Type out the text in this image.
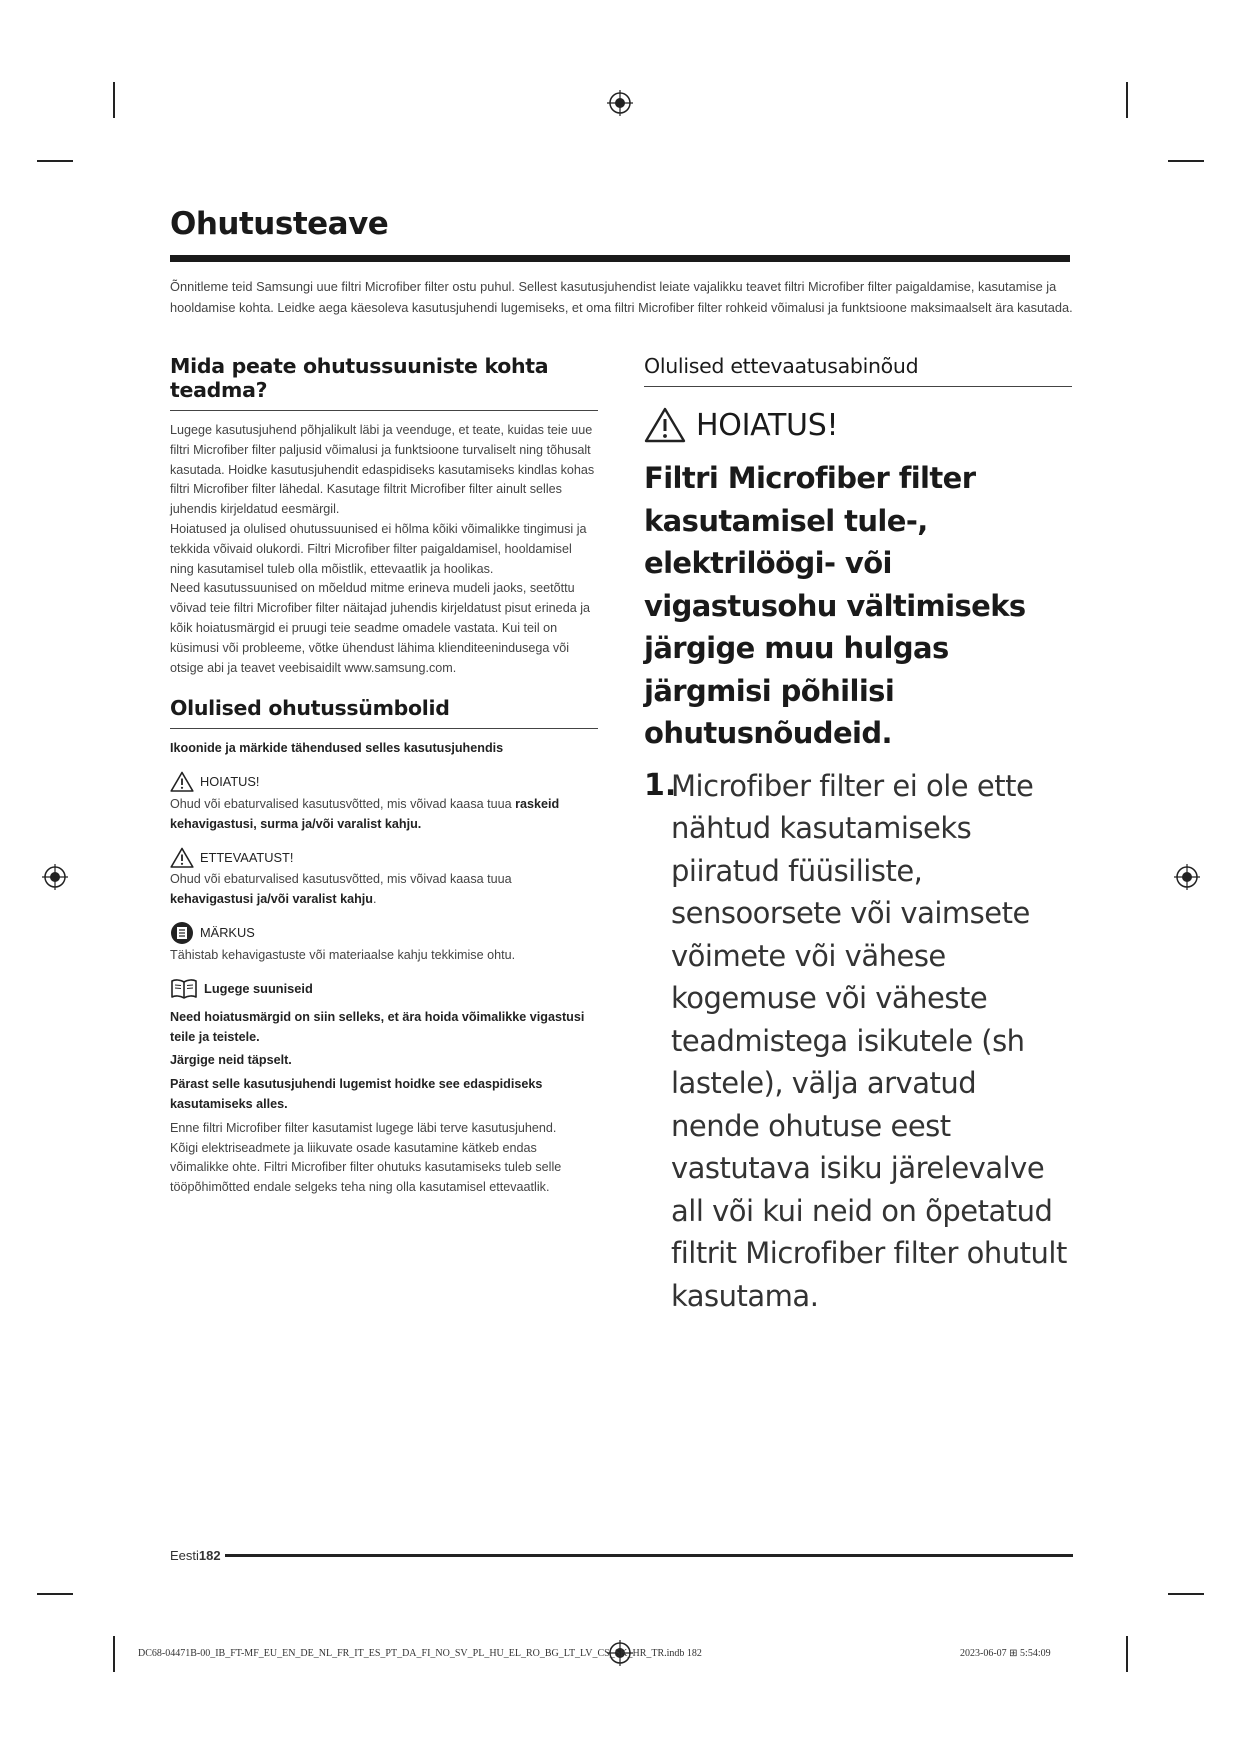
Ohutusteave

Õnnitleme teid Samsungi uue filtri Microfiber filter ostu puhul. Sellest kasutusjuhendist leiate vajalikku teavet filtri Microfiber filter paigaldamise, kasutamise ja hooldamise kohta. Leidke aega käesoleva kasutusjuhendi lugemiseks, et oma filtri Microfiber filter rohkeid võimalusi ja funktsioone maksimaalselt ära kasutada.

Mida peate ohutussuuniste kohta teadma?

Lugege kasutusjuhend põhjalikult läbi ja veenduge, et teate, kuidas teie uue filtri Microfiber filter paljusid võimalusi ja funktsioone turvaliselt ning tõhusalt kasutada. Hoidke kasutusjuhendit edaspidiseks kasutamiseks kindlas kohas filtri Microfiber filter lähedal. Kasutage filtrit Microfiber filter ainult selles juhendis kirjeldatud eesmärgil.

Hoiatused ja olulised ohutussuunised ei hõlma kõiki võimalikke tingimusi ja tekkida võivaid olukordi. Filtri Microfiber filter paigaldamisel, hooldamisel ning kasutamisel tuleb olla mõistlik, ettevaatlik ja hoolikas.

Need kasutussuunised on mõeldud mitme erineva mudeli jaoks, seetõttu võivad teie filtri Microfiber filter näitajad juhendis kirjeldatust pisut erineda ja kõik hoiatusmärgid ei pruugi teie seadme omadele vastata. Kui teil on küsimusi või probleeme, võtke ühendust lähima klienditeenindusega või otsige abi ja teavet veebisaidilt www.samsung.com.

Olulised ohutussümbolid

Ikoonide ja märkide tähendused selles kasutusjuhendis

HOIATUS!

Ohud või ebaturvalised kasutusvõtted, mis võivad kaasa tuua raskeid kehavigastusi, surma ja/või varalist kahju.

ETTEVAATUST!

Ohud või ebaturvalised kasutusvõtted, mis võivad kaasa tuua kehavigastusi ja/või varalist kahju.

MÄRKUS

Tähistab kehavigastuste või materiaalse kahju tekkimise ohtu.

Lugege suuniseid

Need hoiatusmärgid on siin selleks, et ära hoida võimalikke vigastusi teile ja teistele.

Järgige neid täpselt.

Pärast selle kasutusjuhendi lugemist hoidke see edaspidiseks kasutamiseks alles.

Enne filtri Microfiber filter kasutamist lugege läbi terve kasutusjuhend.

Kõigi elektriseadmete ja liikuvate osade kasutamine kätkeb endas võimalikke ohte. Filtri Microfiber filter ohutuks kasutamiseks tuleb selle tööpõhimõtted endale selgeks teha ning olla kasutamisel ettevaatlik.

Olulised ettevaatusabinõud
HOIATUS!

Filtri Microfiber filter kasutamisel tule-, elektrilöögi- või vigastusohu vältimiseks järgige muu hulgas järgmisi põhilisi ohutusnõudeid.

1.

Microfiber filter ei ole ette nähtud kasutamiseks piiratud füüsiliste, sensoorsete või vaimsete võimete või vähese kogemuse või väheste teadmistega isikutele (sh lastele), välja arvatud nende ohutuse eest vastutava isiku järelevalve all või kui neid on õpetatud filtrit Microfiber filter ohutult kasutama.

Eesti182
DC68-04471B-00_IB_FT-MF_EU_EN_DE_NL_FR_IT_ES_PT_DA_FI_NO_SV_PL_HU_EL_RO_BG_LT_LV_CS_SK_HR_TR.indb 182	2023-06-07 ⊞ 5:54:09
